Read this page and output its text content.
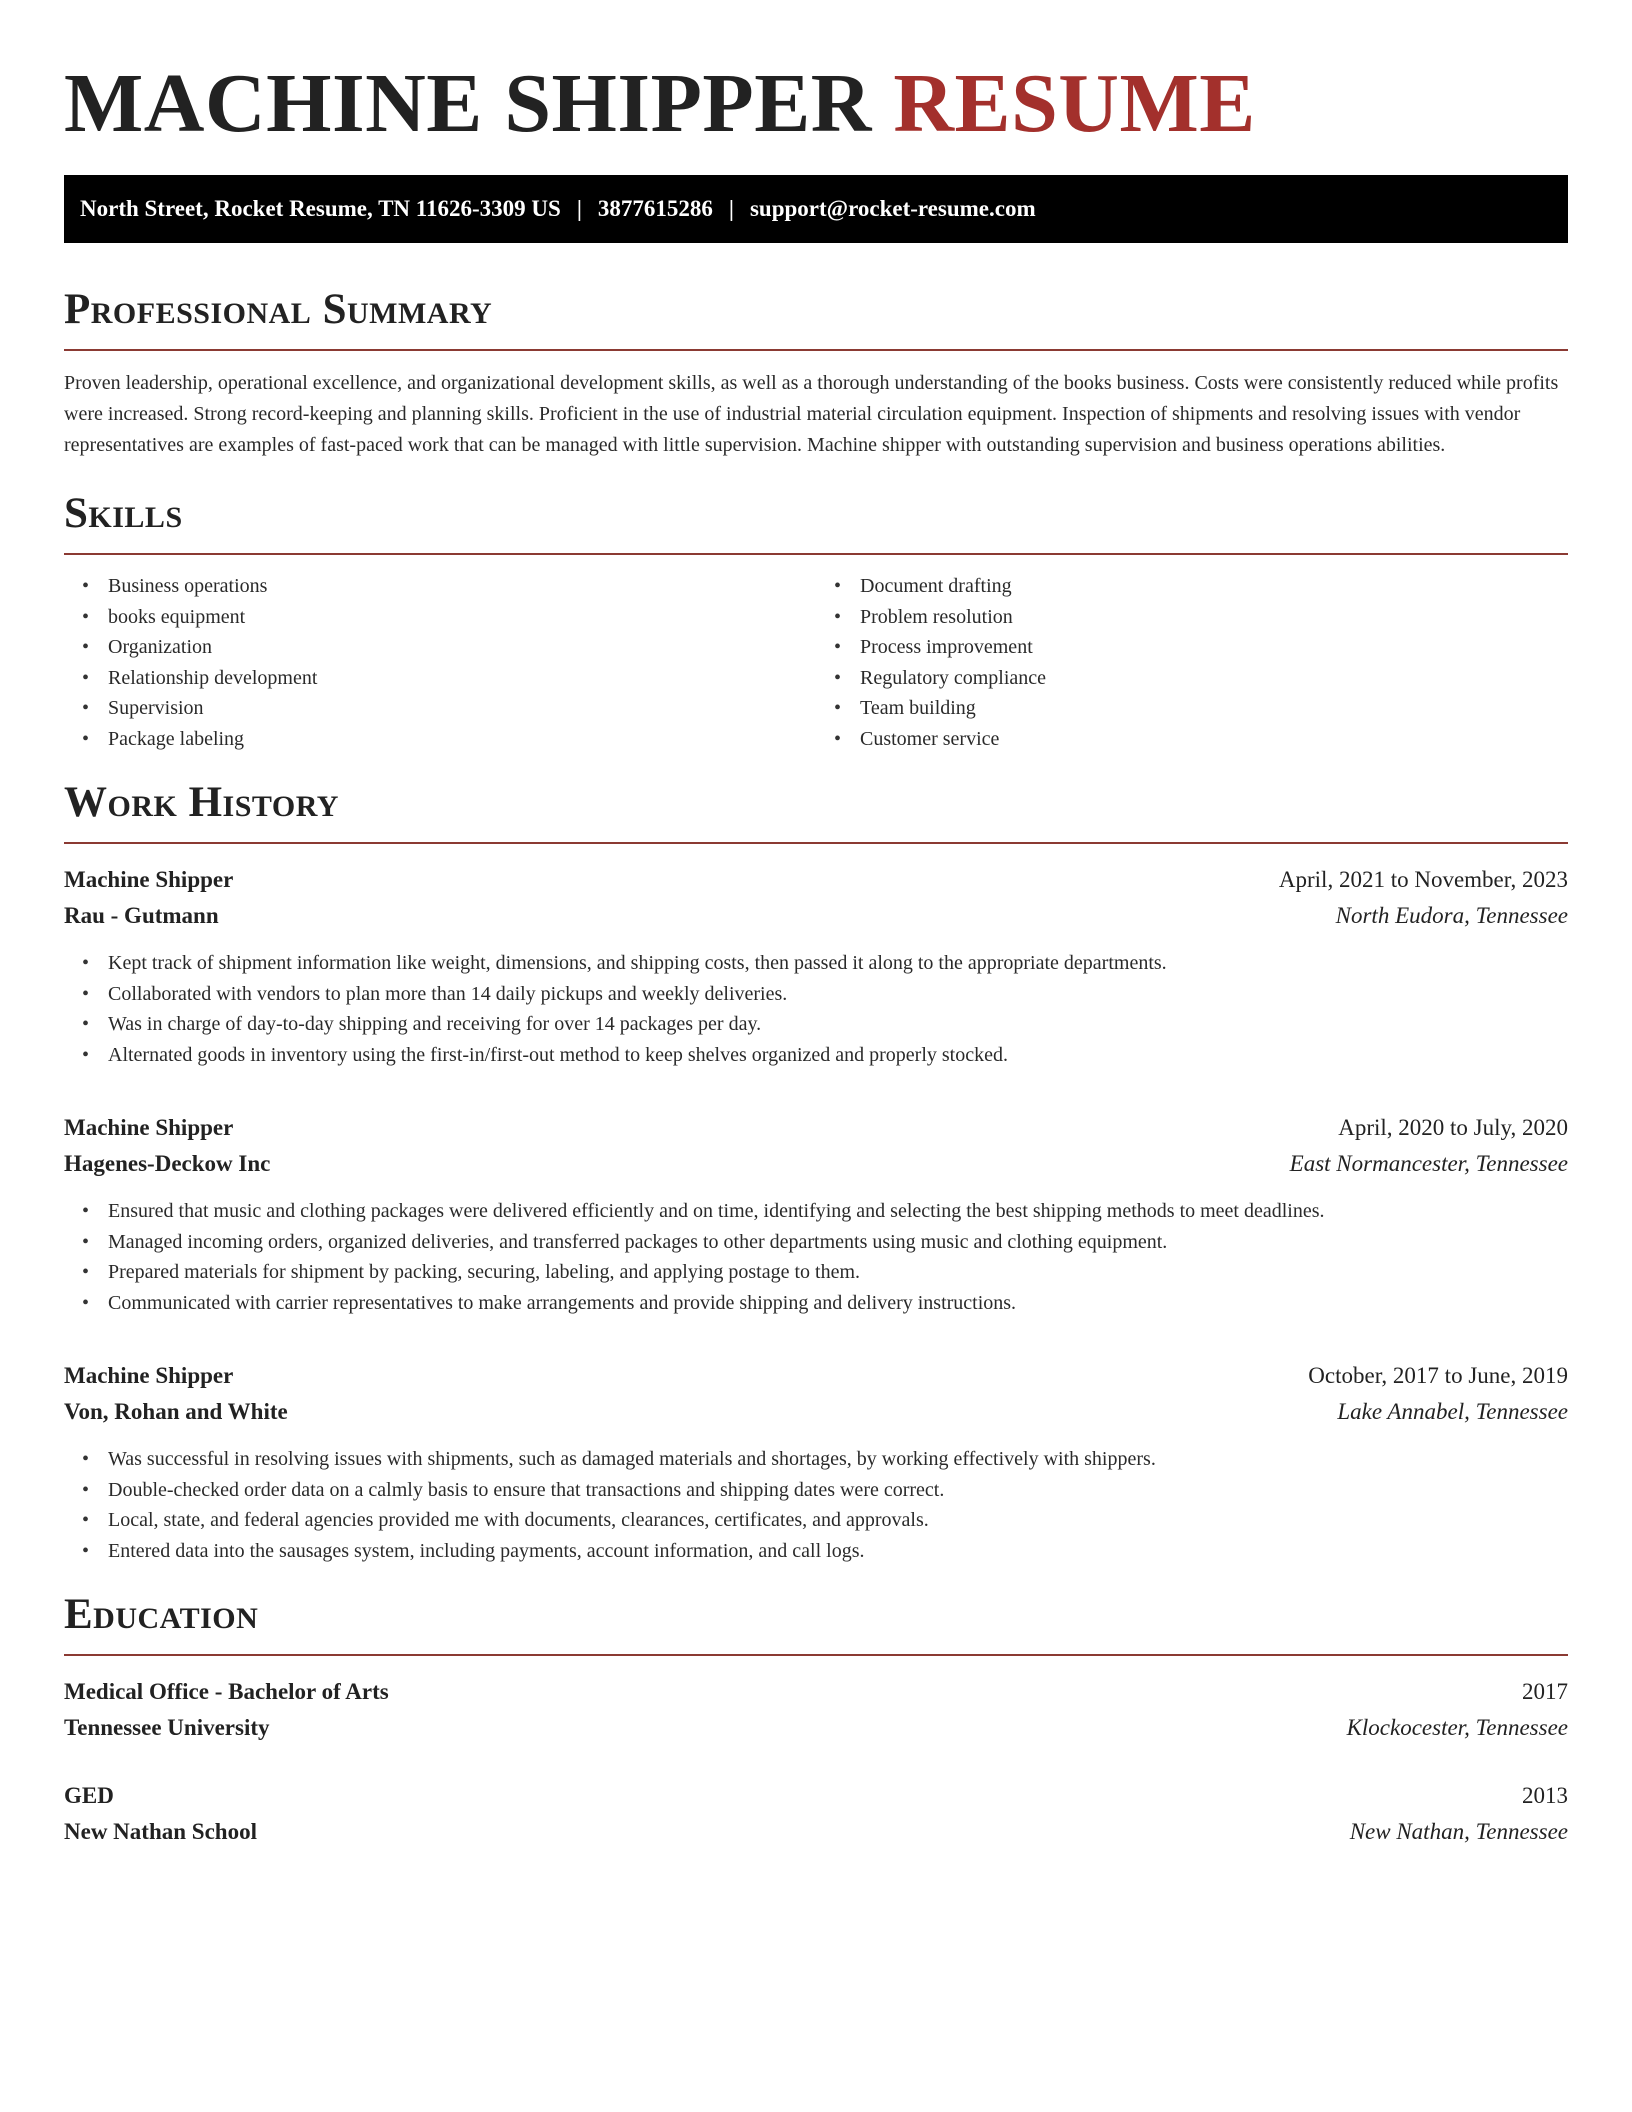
MACHINE SHIPPER RESUME
North Street, Rocket Resume, TN 11626-3309 US | 3877615286 | support@rocket-resume.com
Professional Summary

Proven leadership, operational excellence, and organizational development skills, as well as a thorough understanding of the books business. Costs were consistently reduced while profits were increased. Strong record-keeping and planning skills. Proficient in the use of industrial material circulation equipment. Inspection of shipments and resolving issues with vendor representatives are examples of fast-paced work that can be managed with little supervision. Machine shipper with outstanding supervision and business operations abilities.

Skills
• Business operations
• books equipment
• Organization
• Relationship development
• Supervision
• Package labeling
• Document drafting
• Problem resolution
• Process improvement
• Regulatory compliance
• Team building
• Customer service
Work History
Machine Shipper	April, 2021 to November, 2023
Rau - Gutmann	North Eudora, Tennessee
• Kept track of shipment information like weight, dimensions, and shipping costs, then passed it along to the appropriate departments.
• Collaborated with vendors to plan more than 14 daily pickups and weekly deliveries.
• Was in charge of day-to-day shipping and receiving for over 14 packages per day.
• Alternated goods in inventory using the first-in/first-out method to keep shelves organized and properly stocked.
Machine Shipper	April, 2020 to July, 2020
Hagenes-Deckow Inc	East Normancester, Tennessee
• Ensured that music and clothing packages were delivered efficiently and on time, identifying and selecting the best shipping methods to meet deadlines.
• Managed incoming orders, organized deliveries, and transferred packages to other departments using music and clothing equipment.
• Prepared materials for shipment by packing, securing, labeling, and applying postage to them.
• Communicated with carrier representatives to make arrangements and provide shipping and delivery instructions.
Machine Shipper	October, 2017 to June, 2019
Von, Rohan and White	Lake Annabel, Tennessee
• Was successful in resolving issues with shipments, such as damaged materials and shortages, by working effectively with shippers.
• Double-checked order data on a calmly basis to ensure that transactions and shipping dates were correct.
• Local, state, and federal agencies provided me with documents, clearances, certificates, and approvals.
• Entered data into the sausages system, including payments, account information, and call logs.
Education
Medical Office - Bachelor of Arts	2017
Tennessee University	Klockocester, Tennessee
GED	2013
New Nathan School	New Nathan, Tennessee
